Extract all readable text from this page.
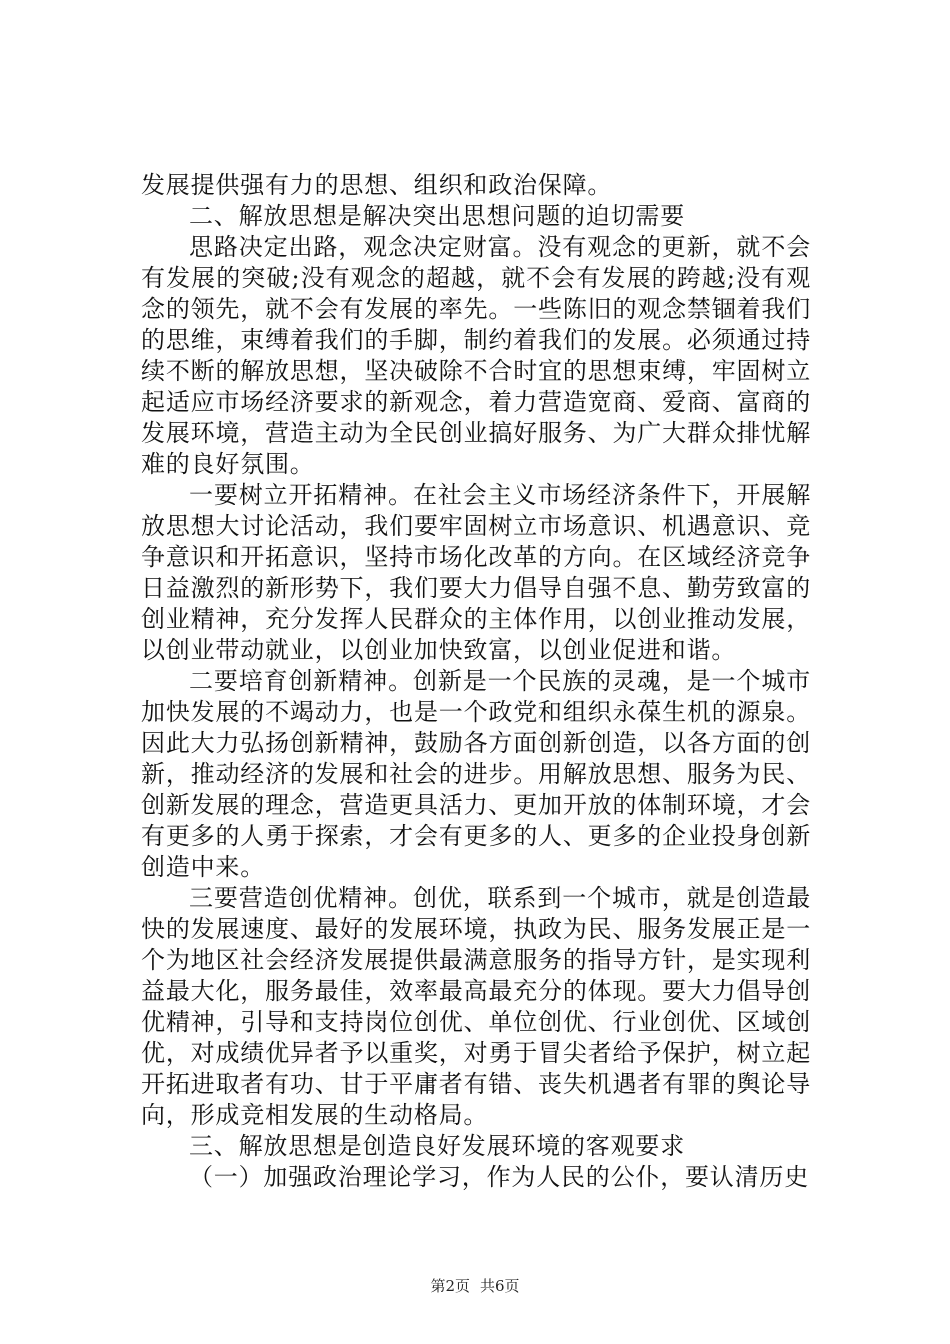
发展提供强有力的思想、组织和政治保障。

二、解放思想是解决突出思想问题的迫切需要

思路决定出路，观念决定财富。没有观念的更新，就不会有发展的突破;没有观念的超越，就不会有发展的跨越;没有观念的领先，就不会有发展的率先。一些陈旧的观念禁锢着我们的思维，束缚着我们的手脚，制约着我们的发展。必须通过持续不断的解放思想，坚决破除不合时宜的思想束缚，牢固树立起适应市场经济要求的新观念，着力营造宽商、爱商、富商的发展环境，营造主动为全民创业搞好服务、为广大群众排忧解难的良好氛围。

一要树立开拓精神。在社会主义市场经济条件下，开展解放思想大讨论活动，我们要牢固树立市场意识、机遇意识、竞争意识和开拓意识，坚持市场化改革的方向。在区域经济竞争日益激烈的新形势下，我们要大力倡导自强不息、勤劳致富的创业精神，充分发挥人民群众的主体作用，以创业推动发展，以创业带动就业，以创业加快致富，以创业促进和谐。

二要培育创新精神。创新是一个民族的灵魂，是一个城市加快发展的不竭动力，也是一个政党和组织永葆生机的源泉。因此大力弘扬创新精神，鼓励各方面创新创造，以各方面的创新，推动经济的发展和社会的进步。用解放思想、服务为民、创新发展的理念，营造更具活力、更加开放的体制环境，才会有更多的人勇于探索，才会有更多的人、更多的企业投身创新创造中来。

三要营造创优精神。创优，联系到一个城市，就是创造最快的发展速度、最好的发展环境，执政为民、服务发展正是一个为地区社会经济发展提供最满意服务的指导方针，是实现利益最大化，服务最佳，效率最高最充分的体现。要大力倡导创优精神，引导和支持岗位创优、单位创优、行业创优、区域创优，对成绩优异者予以重奖，对勇于冒尖者给予保护，树立起开拓进取者有功、甘于平庸者有错、丧失机遇者有罪的舆论导向，形成竞相发展的生动格局。

三、解放思想是创造良好发展环境的客观要求

（一）加强政治理论学习，作为人民的公仆，要认清历史

第2页 共6页
